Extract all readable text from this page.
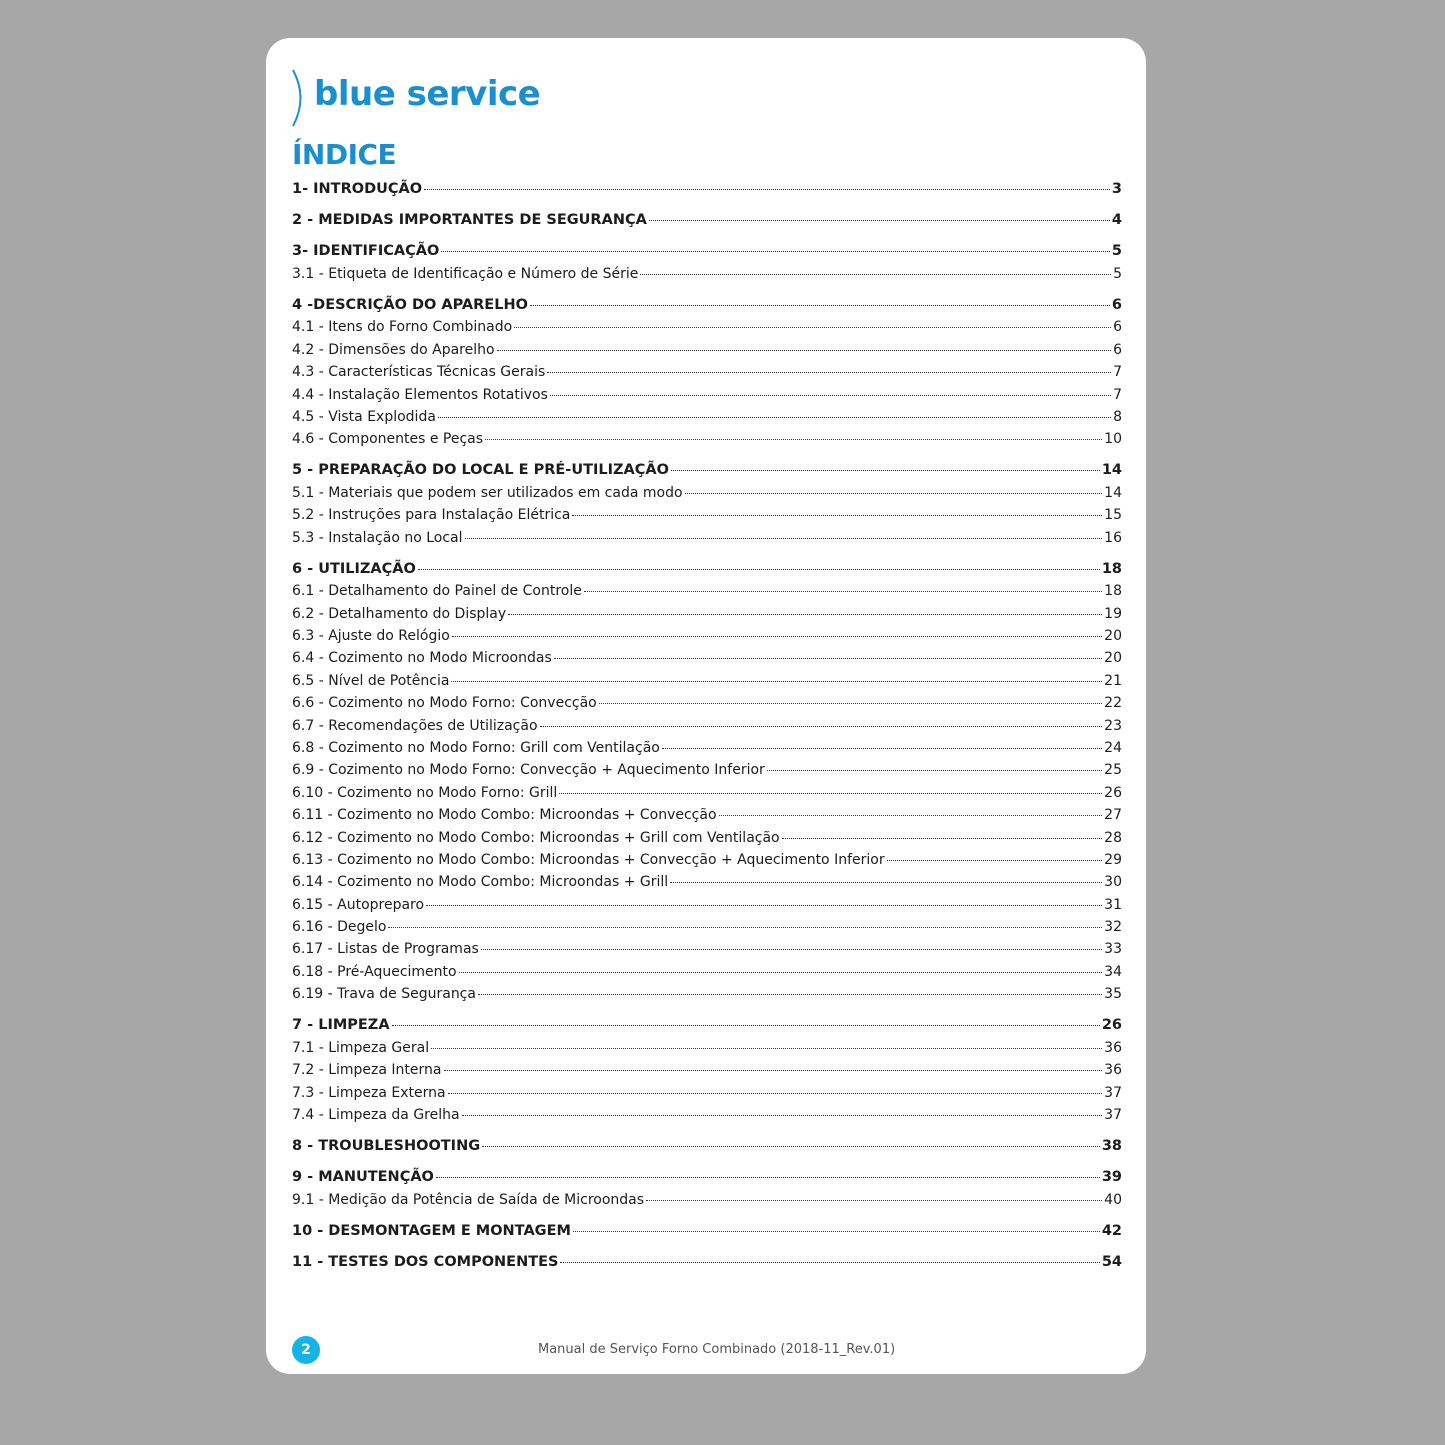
blue service
ÍNDICE
1- INTRODUÇÃO	3
2 - MEDIDAS IMPORTANTES DE SEGURANÇA	4
3- IDENTIFICAÇÃO	5
3.1 - Etiqueta de Identificação e Número de Série	5
4 -DESCRIÇÃO DO APARELHO	6
4.1 - Itens do Forno Combinado	6
4.2 - Dimensões do Aparelho	6
4.3 - Características Técnicas Gerais	7
4.4 - Instalação Elementos Rotativos	7
4.5 - Vista Explodida	8
4.6 - Componentes e Peças	10
5 - PREPARAÇÃO DO LOCAL E PRÉ-UTILIZAÇÃO	14
5.1 - Materiais que podem ser utilizados em cada modo	14
5.2 - Instruções para Instalação Elétrica	15
5.3 - Instalação no Local	16
6 - UTILIZAÇÃO	18
6.1 - Detalhamento do Painel de Controle	18
6.2 - Detalhamento do Display	19
6.3 - Ajuste do Relógio	20
6.4 - Cozimento no Modo Microondas	20
6.5 - Nível de Potência	21
6.6 - Cozimento no Modo Forno: Convecção	22
6.7 - Recomendações de Utilização	23
6.8 - Cozimento no Modo Forno: Grill com Ventilação	24
6.9 - Cozimento no Modo Forno: Convecção + Aquecimento Inferior	25
6.10 - Cozimento no Modo Forno: Grill	26
6.11 - Cozimento no Modo Combo: Microondas + Convecção	27
6.12 - Cozimento no Modo Combo: Microondas + Grill com Ventilação	28
6.13 - Cozimento no Modo Combo: Microondas + Convecção + Aquecimento Inferior	29
6.14 - Cozimento no Modo Combo: Microondas + Grill	30
6.15 - Autopreparo	31
6.16 - Degelo	32
6.17 - Listas de Programas	33
6.18 - Pré-Aquecimento	34
6.19 - Trava de Segurança	35
7 - LIMPEZA	26
7.1 - Limpeza Geral	36
7.2 - Limpeza Interna	36
7.3 - Limpeza Externa	37
7.4 - Limpeza da Grelha	37
8 - TROUBLESHOOTING	38
9 - MANUTENÇÃO	39
9.1 - Medição da Potência de Saída de Microondas	40
10 - DESMONTAGEM E MONTAGEM	42
11 - TESTES DOS COMPONENTES	54
2	Manual de Serviço Forno Combinado (2018-11_Rev.01)
